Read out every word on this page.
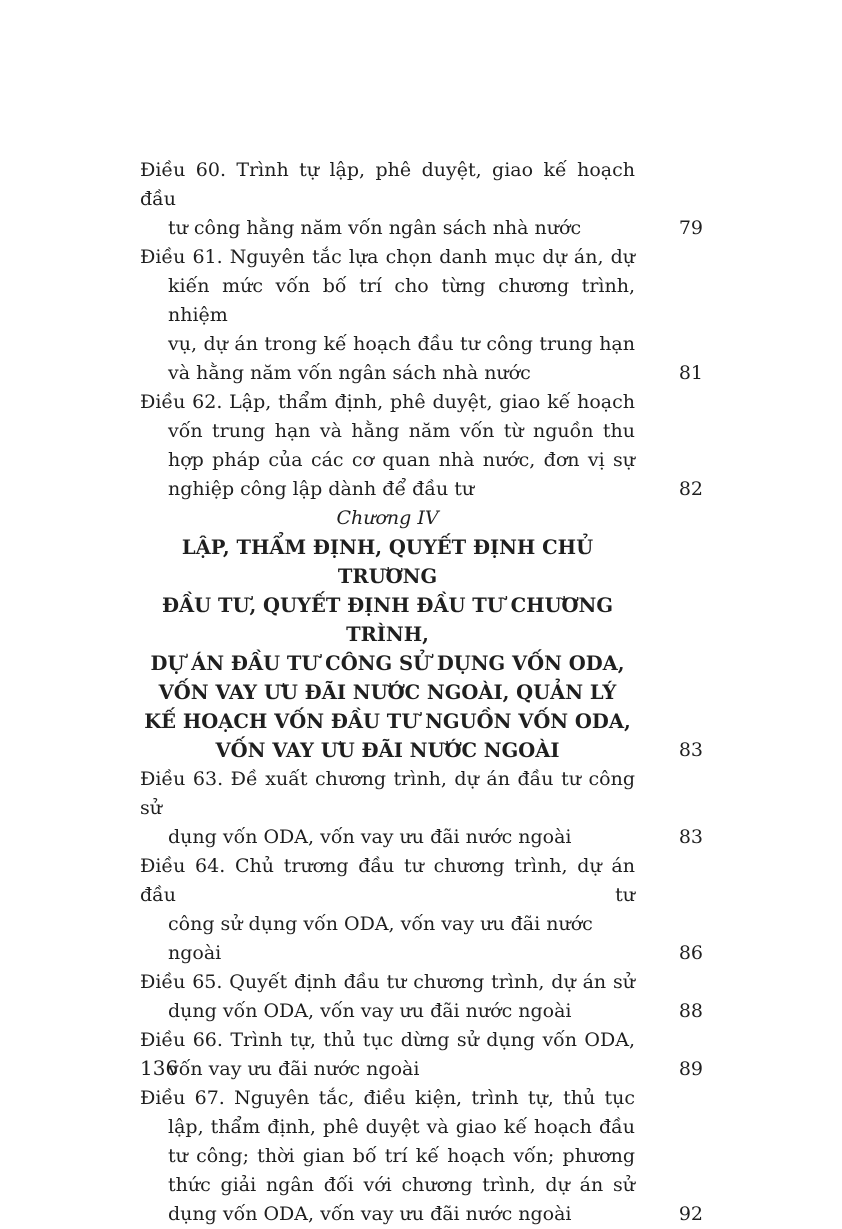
Điều 60. Trình tự lập, phê duyệt, giao kế hoạch đầu
tư công hằng năm vốn ngân sách nhà nước	79
Điều 61. Nguyên tắc lựa chọn danh mục dự án, dự
kiến mức vốn bố trí cho từng chương trình, nhiệm
vụ, dự án trong kế hoạch đầu tư công trung hạn
và hằng năm vốn ngân sách nhà nước	81
Điều 62. Lập, thẩm định, phê duyệt, giao kế hoạch
vốn trung hạn và hằng năm vốn từ nguồn thu
hợp pháp của các cơ quan nhà nước, đơn vị sự
nghiệp công lập dành để đầu tư	82
Chương IV
LẬP, THẨM ĐỊNH, QUYẾT ĐỊNH CHỦ TRƯƠNG
ĐẦU TƯ, QUYẾT ĐỊNH ĐẦU TƯ CHƯƠNG TRÌNH,
DỰ ÁN ĐẦU TƯ CÔNG SỬ DỤNG VỐN ODA,
VỐN VAY ƯU ĐÃI NƯỚC NGOÀI, QUẢN LÝ
KẾ HOẠCH VỐN ĐẦU TƯ NGUỒN VỐN ODA,
VỐN VAY ƯU ĐÃI NƯỚC NGOÀI	83
Điều 63. Đề xuất chương trình, dự án đầu tư công sử
dụng vốn ODA, vốn vay ưu đãi nước ngoài	83
Điều 64. Chủ trương đầu tư chương trình, dự án đầu tư
công sử dụng vốn ODA, vốn vay ưu đãi nước ngoài	86
Điều 65. Quyết định đầu tư chương trình, dự án sử
dụng vốn ODA, vốn vay ưu đãi nước ngoài	88
Điều 66. Trình tự, thủ tục dừng sử dụng vốn ODA,
vốn vay ưu đãi nước ngoài	89
Điều 67. Nguyên tắc, điều kiện, trình tự, thủ tục
lập, thẩm định, phê duyệt và giao kế hoạch đầu
tư công; thời gian bố trí kế hoạch vốn; phương
thức giải ngân đối với chương trình, dự án sử
dụng vốn ODA, vốn vay ưu đãi nước ngoài	92
136
